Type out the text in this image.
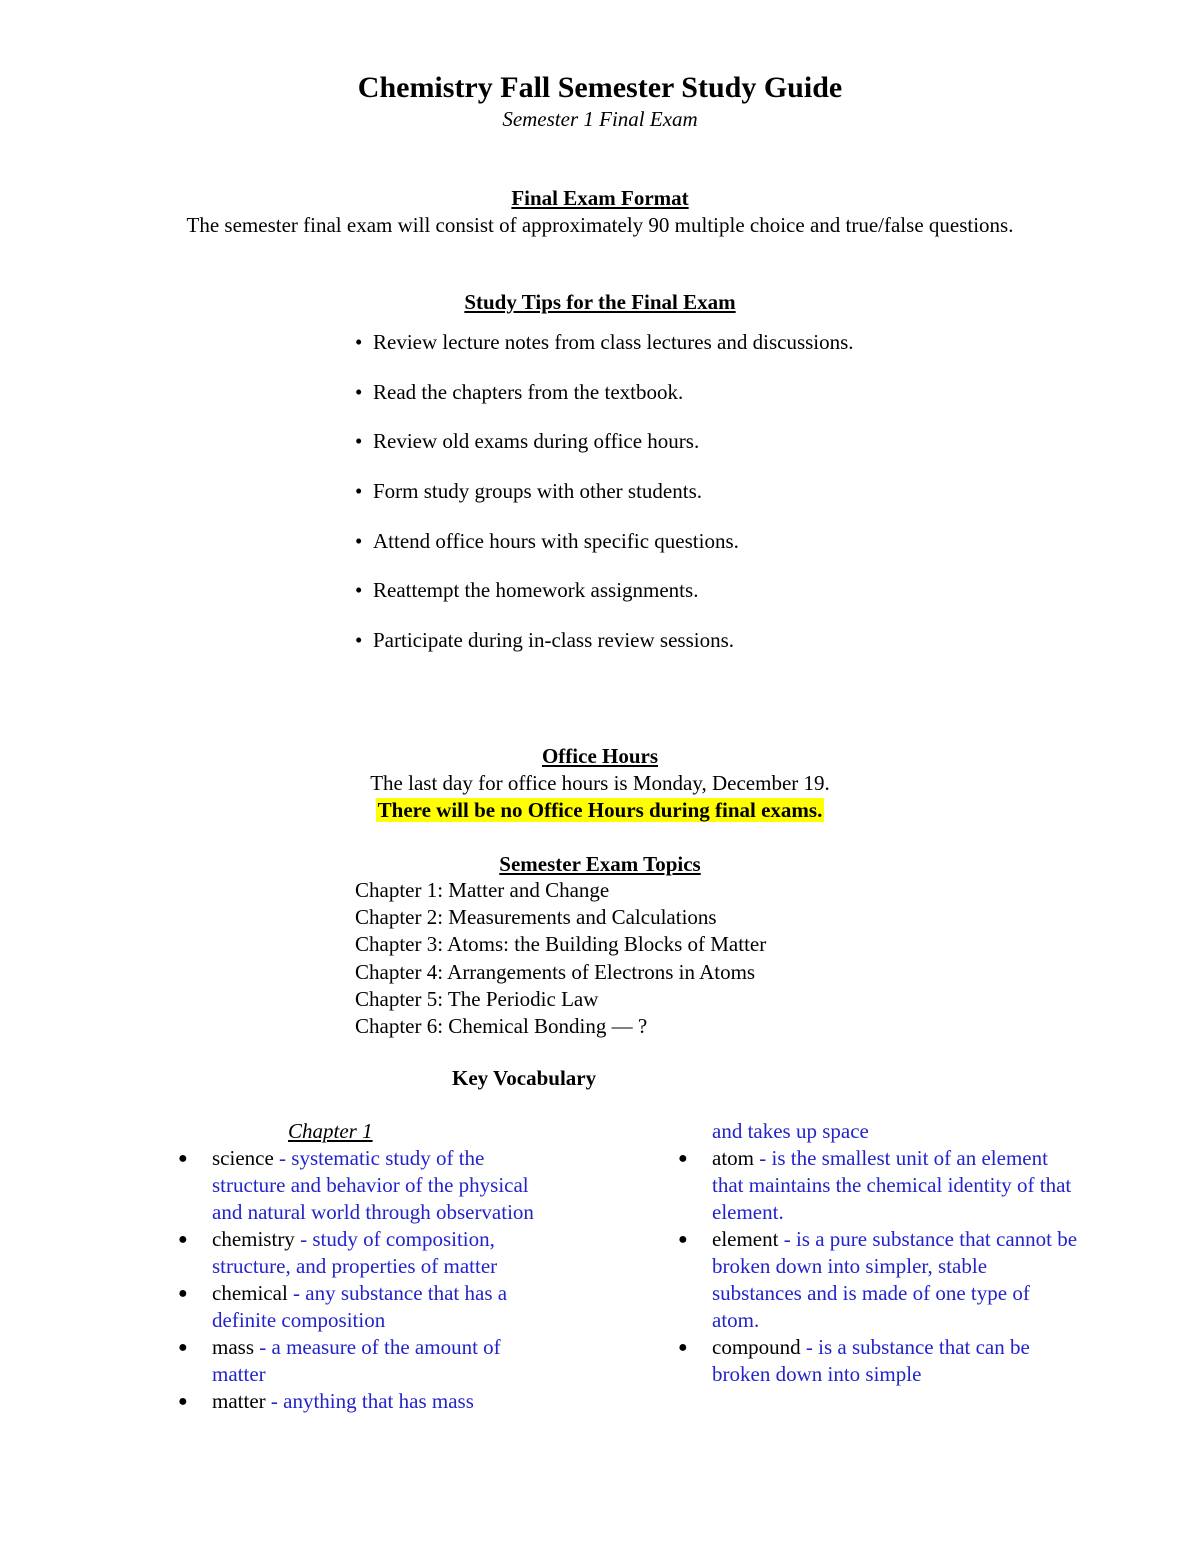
Chemistry Fall Semester Study Guide
Semester 1 Final Exam
Final Exam Format
The semester final exam will consist of approximately 90 multiple choice and true/false questions.
Study Tips for the Final Exam
• Review lecture notes from class lectures and discussions.
• Read the chapters from the textbook.
• Review old exams during office hours.
• Form study groups with other students.
• Attend office hours with specific questions.
• Reattempt the homework assignments.
• Participate during in-class review sessions.
Office Hours
The last day for office hours is Monday, December 19.
There will be no Office Hours during final exams.
Semester Exam Topics
Chapter 1: Matter and Change
Chapter 2: Measurements and Calculations
Chapter 3: Atoms: the Building Blocks of Matter
Chapter 4: Arrangements of Electrons in Atoms
Chapter 5: The Periodic Law
Chapter 6: Chemical Bonding — ?
Key Vocabulary
Chapter 1
●	science - systematic study of the structure and behavior of the physical and natural world through observation
●	chemistry - study of composition, structure, and properties of matter
●	chemical - any substance that has a definite composition
●	mass - a measure of the amount of matter
●	matter - anything that has mass
and takes up space
●	atom - is the smallest unit of an element that maintains the chemical identity of that element.
●	element - is a pure substance that cannot be broken down into simpler, stable substances and is made of one type of atom.
●	compound - is a substance that can be broken down into simple
